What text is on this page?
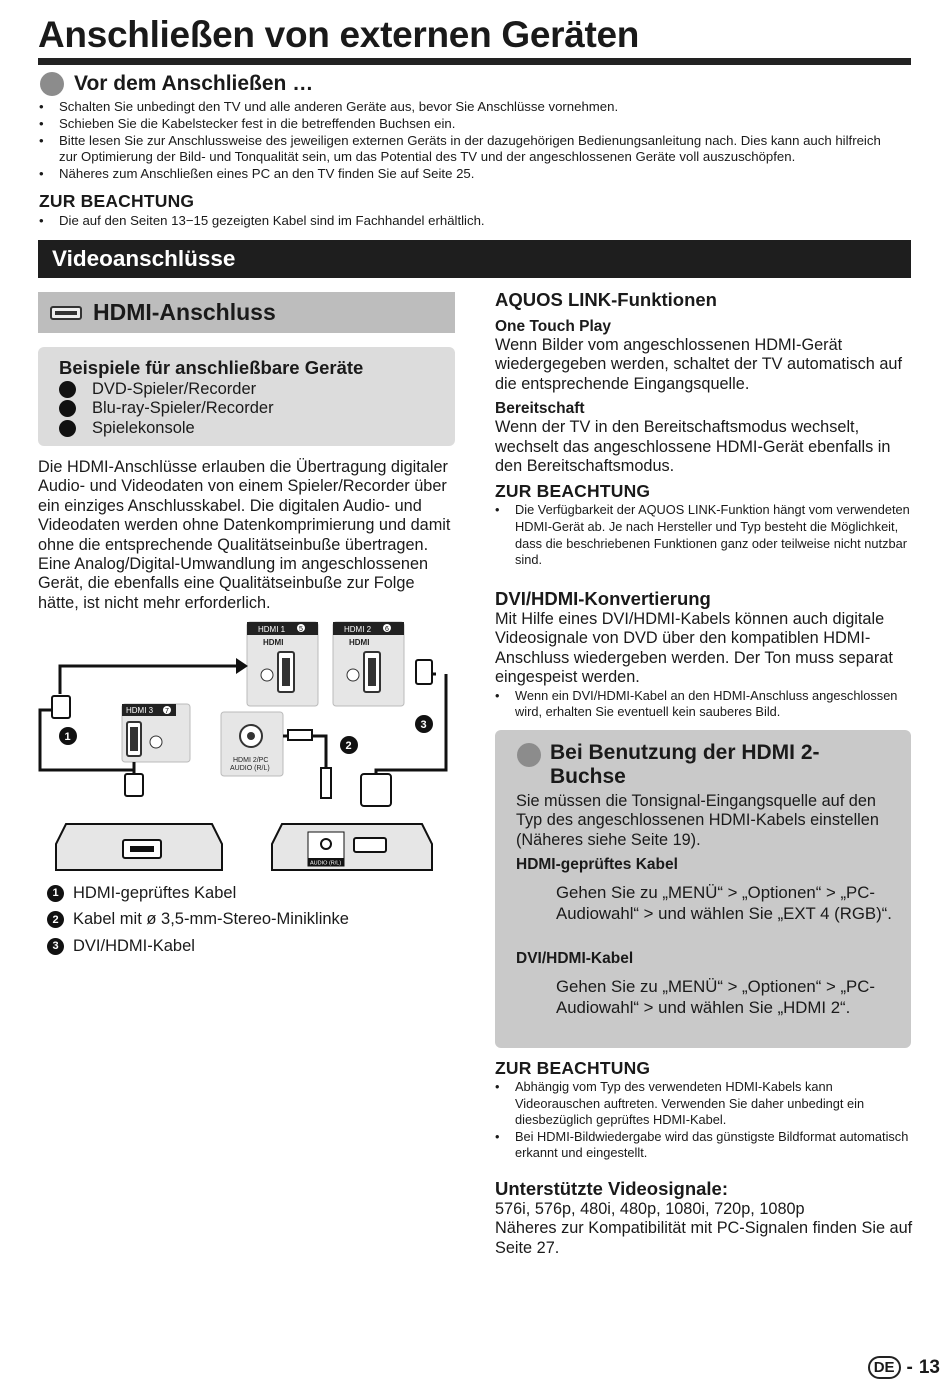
Anschließen von externen Geräten
Vor dem Anschließen …
• Schalten Sie unbedingt den TV und alle anderen Geräte aus, bevor Sie Anschlüsse vornehmen.
• Schieben Sie die Kabelstecker fest in die betreffenden Buchsen ein.
• Bitte lesen Sie zur Anschlussweise des jeweiligen externen Geräts in der dazugehörigen Bedienungsanleitung nach. Dies kann auch hilfreich zur Optimierung der Bild- und Tonqualität sein, um das Potential des TV und der angeschlossenen Geräte voll auszuschöpfen.
• Näheres zum Anschließen eines PC an den TV finden Sie auf Seite 25.
ZUR BEACHTUNG
• Die auf den Seiten 13−15 gezeigten Kabel sind im Fachhandel erhältlich.
Videoanschlüsse
HDMI-Anschluss
Beispiele für anschließbare Geräte
DVD-Spieler/Recorder
Blu-ray-Spieler/Recorder
Spielekonsole
Die HDMI-Anschlüsse erlauben die Übertragung digitaler Audio- und Videodaten von einem Spieler/Recorder über ein einziges Anschlusskabel. Die digitalen Audio- und Videodaten werden ohne Datenkomprimierung und damit ohne die entsprechende Qualitätseinbuße übertragen. Eine Analog/Digital-Umwandlung im angeschlossenen Gerät, die ebenfalls eine Qualitätseinbuße zur Folge hätte, ist nicht mehr erforderlich.
HDMI 1 5
HDMI
HDMI 2 6
HDMI
HDMI 3 7
HDMI 2/PC
AUDIO (R/L)
1
2
3
AUDIO (R/L)
1 HDMI-geprüftes Kabel
2 Kabel mit ø 3,5-mm-Stereo-Miniklinke
3 DVI/HDMI-Kabel
AQUOS LINK-Funktionen
One Touch Play
Wenn Bilder vom angeschlossenen HDMI-Gerät wiedergegeben werden, schaltet der TV automatisch auf die entsprechende Eingangsquelle.
Bereitschaft
Wenn der TV in den Bereitschaftsmodus wechselt, wechselt das angeschlossene HDMI-Gerät ebenfalls in den Bereitschaftsmodus.
ZUR BEACHTUNG
• Die Verfügbarkeit der AQUOS LINK-Funktion hängt vom verwendeten HDMI-Gerät ab. Je nach Hersteller und Typ besteht die Möglichkeit, dass die beschriebenen Funktionen ganz oder teilweise nicht nutzbar sind.
DVI/HDMI-Konvertierung
Mit Hilfe eines DVI/HDMI-Kabels können auch digitale Videosignale von DVD über den kompatiblen HDMI-Anschluss wiedergeben werden. Der Ton muss separat eingespeist werden.
• Wenn ein DVI/HDMI-Kabel an den HDMI-Anschluss angeschlossen wird, erhalten Sie eventuell kein sauberes Bild.
Bei Benutzung der HDMI 2-Buchse
Sie müssen die Tonsignal-Eingangsquelle auf den Typ des angeschlossenen HDMI-Kabels einstellen (Näheres siehe Seite 19).
HDMI-geprüftes Kabel
Gehen Sie zu „MENÜ“ > „Optionen“ > „PC-Audiowahl“ > und wählen Sie „EXT 4 (RGB)“.
DVI/HDMI-Kabel
Gehen Sie zu „MENÜ“ > „Optionen“ > „PC-Audiowahl“ > und wählen Sie „HDMI 2“.
ZUR BEACHTUNG
• Abhängig vom Typ des verwendeten HDMI-Kabels kann Videorauschen auftreten. Verwenden Sie daher unbedingt ein diesbezüglich geprüftes HDMI-Kabel.
• Bei HDMI-Bildwiedergabe wird das günstigste Bildformat automatisch erkannt und eingestellt.
Unterstützte Videosignale:
576i, 576p, 480i, 480p, 1080i, 720p, 1080p
Näheres zur Kompatibilität mit PC-Signalen finden Sie auf Seite 27.
DE - 13
